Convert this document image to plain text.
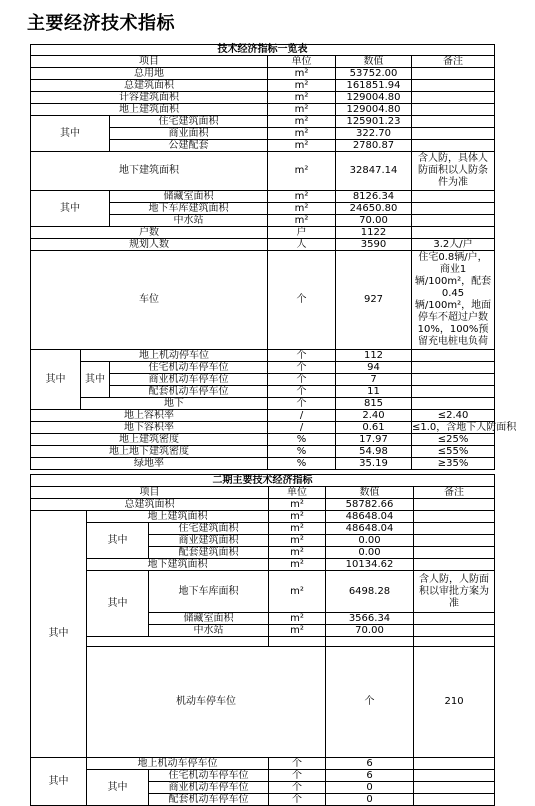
主要经济技术指标
技术经济指标一览表					
项目			单位	数值	备注
总用地			m²	53752.00	
总建筑面积			m²	161851.94	
计容建筑面积			m²	129004.80	
地上建筑面积			m²	129004.80	
其中		住宅建筑面积	m²	125901.23	
		商业面积	m²	322.70	
		公建配套	m²	2780.87	
地下建筑面积			m²	32847.14	含人防，具体人防面积以人防条件为准
其中		储藏室面积	m²	8126.34	
		地下车库建筑面积	m²	24650.80	
		中水站	m²	70.00	
户数			户	1122	
规划人数			人	3590	3.2人/户
车位			个	927	住宅0.8辆/户，商业1辆/100m²，配套0.45辆/100m²，地面停车不超过户数10%，100%预留充电桩电负荷
其中	地上机动停车位		个	112	
	其中	住宅机动车停车位	个	94	
		商业机动车停车位	个	7	
		配套机动车停车位	个	11	
	地下		个	815	
地上容积率			/	2.40	≤2.40
地下容积率			/	0.61	≤1.0，含地下人防面积
地上建筑密度			%	17.97	≤25%
地上地下建筑密度			%	54.98	≤55%
绿地率			%	35.19	≥35%
二期主要技术经济指标						
项目			单位	数值	备注	
总建筑面积			m²	58782.66		
其中	地上建筑面积		m²	48648.04		
	其中	住宅建筑面积	m²	48648.04		
		商业建筑面积	m²	0.00		
		配套建筑面积	m²	0.00		
	地下建筑面积		m²	10134.62		
	其中	地下车库面积	m²	6498.28	含人防，人防面积以审批方案为准	
		储藏室面积	m²	3566.34		
		中水站	m²	70.00		

	机动车停车位			个	210	
其中	地上机动车停车位		个	6		
	其中	住宅机动车停车位	个	6		
		商业机动车停车位	个	0		
		配套机动车停车位	个	0		
